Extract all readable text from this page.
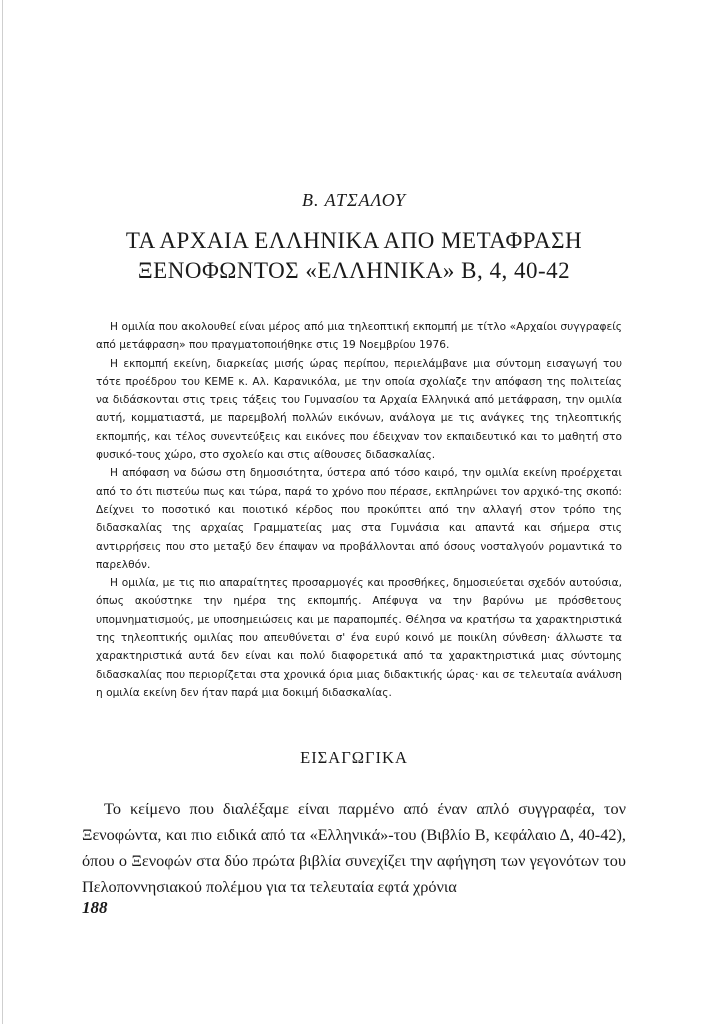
Β. ΑΤΣΑΛΟΥ
ΤΑ ΑΡΧΑΙΑ ΕΛΛΗΝΙΚΑ ΑΠΟ ΜΕΤΑΦΡΑΣΗ
ΞΕΝΟΦΩΝΤΟΣ «ΕΛΛΗΝΙΚΑ» Β, 4, 40-42

Η ομιλία που ακολουθεί είναι μέρος από μια τηλεοπτική εκπομπή με τίτλο «Αρχαίοι συγγραφείς από μετάφραση» που πραγματοποιήθηκε στις 19 Νοεμβρίου 1976.

Η εκπομπή εκείνη, διαρκείας μισής ώρας περίπου, περιελάμβανε μια σύντομη εισαγωγή του τότε προέδρου του ΚΕΜΕ κ. Αλ. Καρανικόλα, με την οποία σχολίαζε την απόφαση της πολιτείας να διδάσκονται στις τρεις τάξεις του Γυμνασίου τα Αρχαία Ελληνικά από μετάφραση, την ομιλία αυτή, κομματιαστά, με παρεμβολή πολλών εικόνων, ανάλογα με τις ανάγκες της τηλεοπτικής εκπομπής, και τέλος συνεντεύξεις και εικόνες που έδειχναν τον εκπαιδευτικό και το μαθητή στο φυσικό-τους χώρο, στο σχολείο και στις αίθουσες διδασκαλίας.

Η απόφαση να δώσω στη δημοσιότητα, ύστερα από τόσο καιρό, την ομιλία εκείνη προέρχεται από το ότι πιστεύω πως και τώρα, παρά το χρόνο που πέρασε, εκπληρώνει τον αρχικό-της σκοπό: Δείχνει το ποσοτικό και ποιοτικό κέρδος που προκύπτει από την αλλαγή στον τρόπο της διδασκαλίας της αρχαίας Γραμματείας μας στα Γυμνάσια και απαντά και σήμερα στις αντιρρήσεις που στο μεταξύ δεν έπαψαν να προβάλλονται από όσους νοσταλγούν ρομαντικά το παρελθόν.

Η ομιλία, με τις πιο απαραίτητες προσαρμογές και προσθήκες, δημοσιεύεται σχεδόν αυτούσια, όπως ακούστηκε την ημέρα της εκπομπής. Απέφυγα να την βαρύνω με πρόσθετους υπομνηματισμούς, με υποσημειώσεις και με παραπομπές. Θέλησα να κρατήσω τα χαρακτηριστικά της τηλεοπτικής ομιλίας που απευθύνεται σ' ένα ευρύ κοινό με ποικίλη σύνθεση· άλλωστε τα χαρακτηριστικά αυτά δεν είναι και πολύ διαφορετικά από τα χαρακτηριστικά μιας σύντομης διδασκαλίας που περιορίζεται στα χρονικά όρια μιας διδακτικής ώρας· και σε τελευταία ανάλυση η ομιλία εκείνη δεν ήταν παρά μια δοκιμή διδασκαλίας.

ΕΙΣΑΓΩΓΙΚΑ

Το κείμενο που διαλέξαμε είναι παρμένο από έναν απλό συγγραφέα, τον Ξενοφώντα, και πιο ειδικά από τα «Ελληνικά»-του (Βιβλίο Β, κεφάλαιο Δ, 40-42), όπου ο Ξενοφών στα δύο πρώτα βιβλία συνεχίζει την αφήγηση των γεγονότων του Πελοποννησιακού πολέμου για τα τελευταία εφτά χρόνια

188
